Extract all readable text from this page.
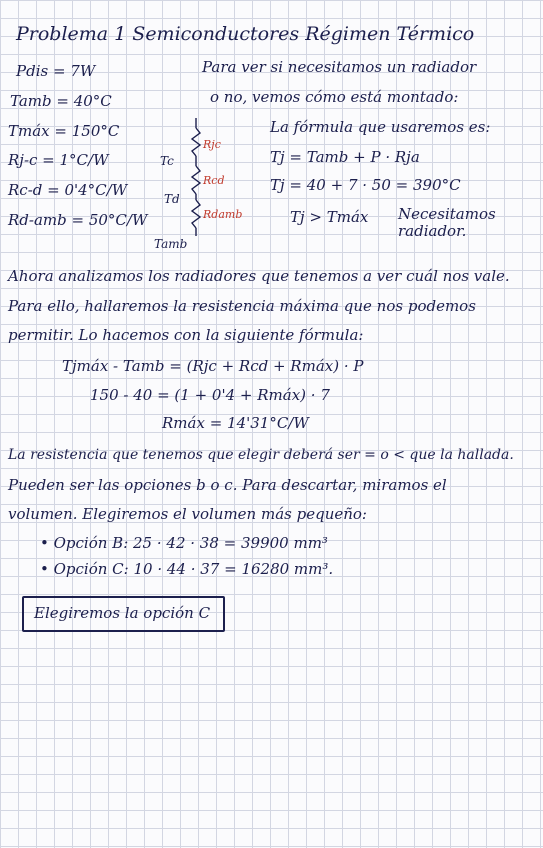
Problema 1 Semiconductores Régimen Térmico
Pdis = 7W
Tamb = 40°C
Tmáx = 150°C
Rj-c = 1°C/W
Rc-d = 0'4°C/W
Rd-amb = 50°C/W
Rjc
Rcd
Rdamb
Tc
Td
Tamb
Para ver si necesitamos un radiador
o no, vemos cómo está montado:
La fórmula que usaremos es:
Tj = Tamb + P · Rja
Tj = 40 + 7 · 50 = 390°C
Tj > Tmáx Necesitamos radiador.
Ahora analizamos los radiadores que tenemos a ver cuál nos vale.
Para ello, hallaremos la resistencia máxima que nos podemos
permitir. Lo hacemos con la siguiente fórmula:
Tjmáx - Tamb = (Rjc + Rcd + Rmáx) · P
150 - 40 = (1 + 0'4 + Rmáx) · 7
Rmáx = 14'31°C/W
La resistencia que tenemos que elegir deberá ser = o < que la hallada.
Pueden ser las opciones b o c. Para descartar, miramos el
volumen. Elegiremos el volumen más pequeño:
• Opción B: 25 · 42 · 38 = 39900 mm³
• Opción C: 10 · 44 · 37 = 16280 mm³.
Elegiremos la opción C
